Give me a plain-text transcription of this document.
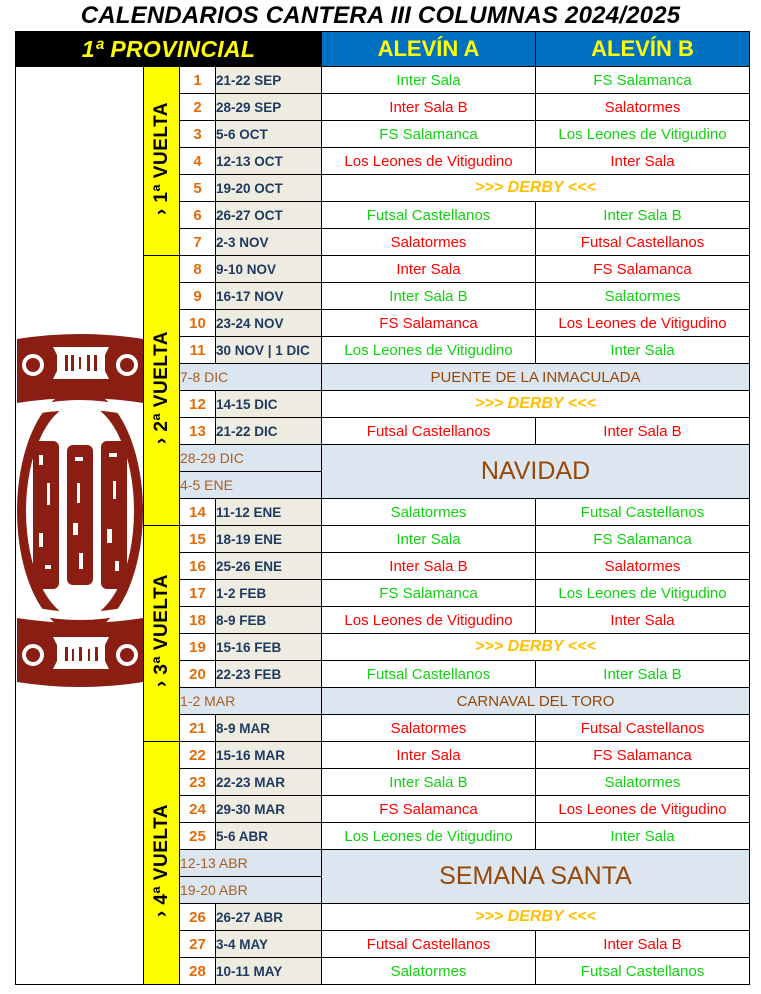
CALENDARIOS CANTERA III COLUMNAS 2024/2025
1ª PROVINCIAL				ALEVÍN A	ALEVÍN B

	› 1ª VUELTA	1	21-22 SEP	Inter Sala	FS Salamanca
		2	28-29 SEP	Inter Sala B	Salatormes
		3	5-6 OCT	FS Salamanca	Los Leones de Vitigudino
		4	12-13 OCT	Los Leones de Vitigudino	Inter Sala
		5	19-20 OCT	>>> DERBY <<<	
		6	26-27 OCT	Futsal Castellanos	Inter Sala B
		7	2-3 NOV	Salatormes	Futsal Castellanos
	› 2ª VUELTA	8	9-10 NOV	Inter Sala	FS Salamanca
		9	16-17 NOV	Inter Sala B	Salatormes
		10	23-24 NOV	FS Salamanca	Los Leones de Vitigudino
		11	30 NOV | 1 DIC	Los Leones de Vitigudino	Inter Sala
		7-8 DIC		PUENTE DE LA INMACULADA	
		12	14-15 DIC	>>> DERBY <<<	
		13	21-22 DIC	Futsal Castellanos	Inter Sala B
		28-29 DIC		NAVIDAD	
		4-5 ENE			
		14	11-12 ENE	Salatormes	Futsal Castellanos
	› 3ª VUELTA	15	18-19 ENE	Inter Sala	FS Salamanca
		16	25-26 ENE	Inter Sala B	Salatormes
		17	1-2 FEB	FS Salamanca	Los Leones de Vitigudino
		18	8-9 FEB	Los Leones de Vitigudino	Inter Sala
		19	15-16 FEB	>>> DERBY <<<	
		20	22-23 FEB	Futsal Castellanos	Inter Sala B
		1-2 MAR		CARNAVAL DEL TORO	
		21	8-9 MAR	Salatormes	Futsal Castellanos
	› 4ª VUELTA	22	15-16 MAR	Inter Sala	FS Salamanca
		23	22-23 MAR	Inter Sala B	Salatormes
		24	29-30 MAR	FS Salamanca	Los Leones de Vitigudino
		25	5-6 ABR	Los Leones de Vitigudino	Inter Sala
		12-13 ABR		SEMANA SANTA	
		19-20 ABR			
		26	26-27 ABR	>>> DERBY <<<	
		27	3-4 MAY	Futsal Castellanos	Inter Sala B
		28	10-11 MAY	Salatormes	Futsal Castellanos
